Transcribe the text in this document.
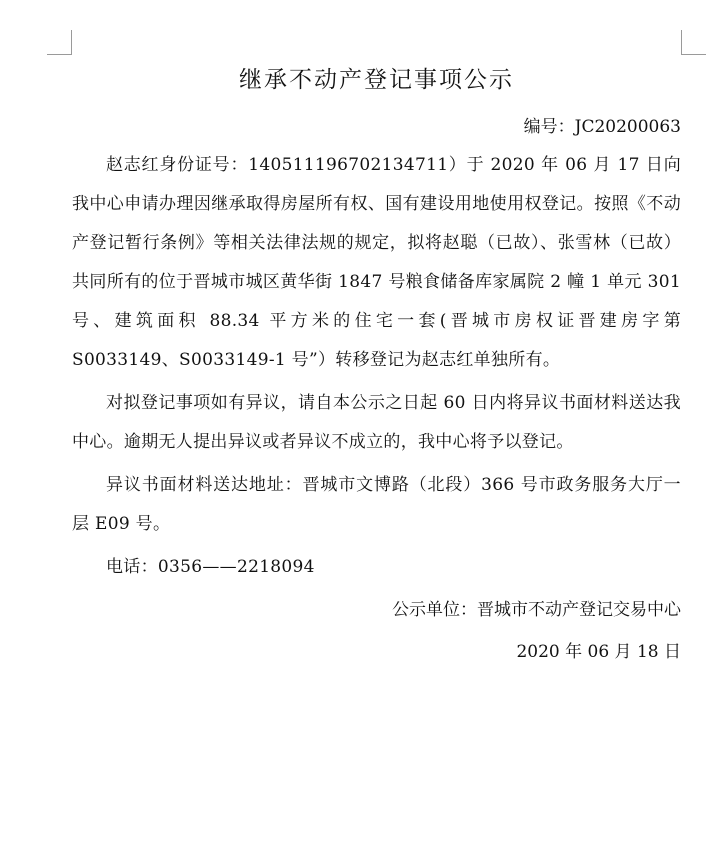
继承不动产登记事项公示

编号：JC20200063

赵志红身份证号：140511196702134711）于 2020 年 06 月 17 日向我中心申请办理因继承取得房屋所有权、国有建设用地使用权登记。按照《不动产登记暂行条例》等相关法律法规的规定，拟将赵聪（已故）、张雪林（已故）共同所有的位于晋城市城区黄华街 1847 号粮食储备库家属院 2 幢 1 单元 301 号、建筑面积 88.34 平方米的住宅一套(晋城市房权证晋建房字第 S0033149、S0033149-1 号”）转移登记为赵志红单独所有。

对拟登记事项如有异议，请自本公示之日起 60 日内将异议书面材料送达我中心。逾期无人提出异议或者异议不成立的，我中心将予以登记。

异议书面材料送达地址：晋城市文博路（北段）366 号市政务服务大厅一层 E09 号。

电话：0356——2218094

公示单位：晋城市不动产登记交易中心

2020 年 06 月 18 日
